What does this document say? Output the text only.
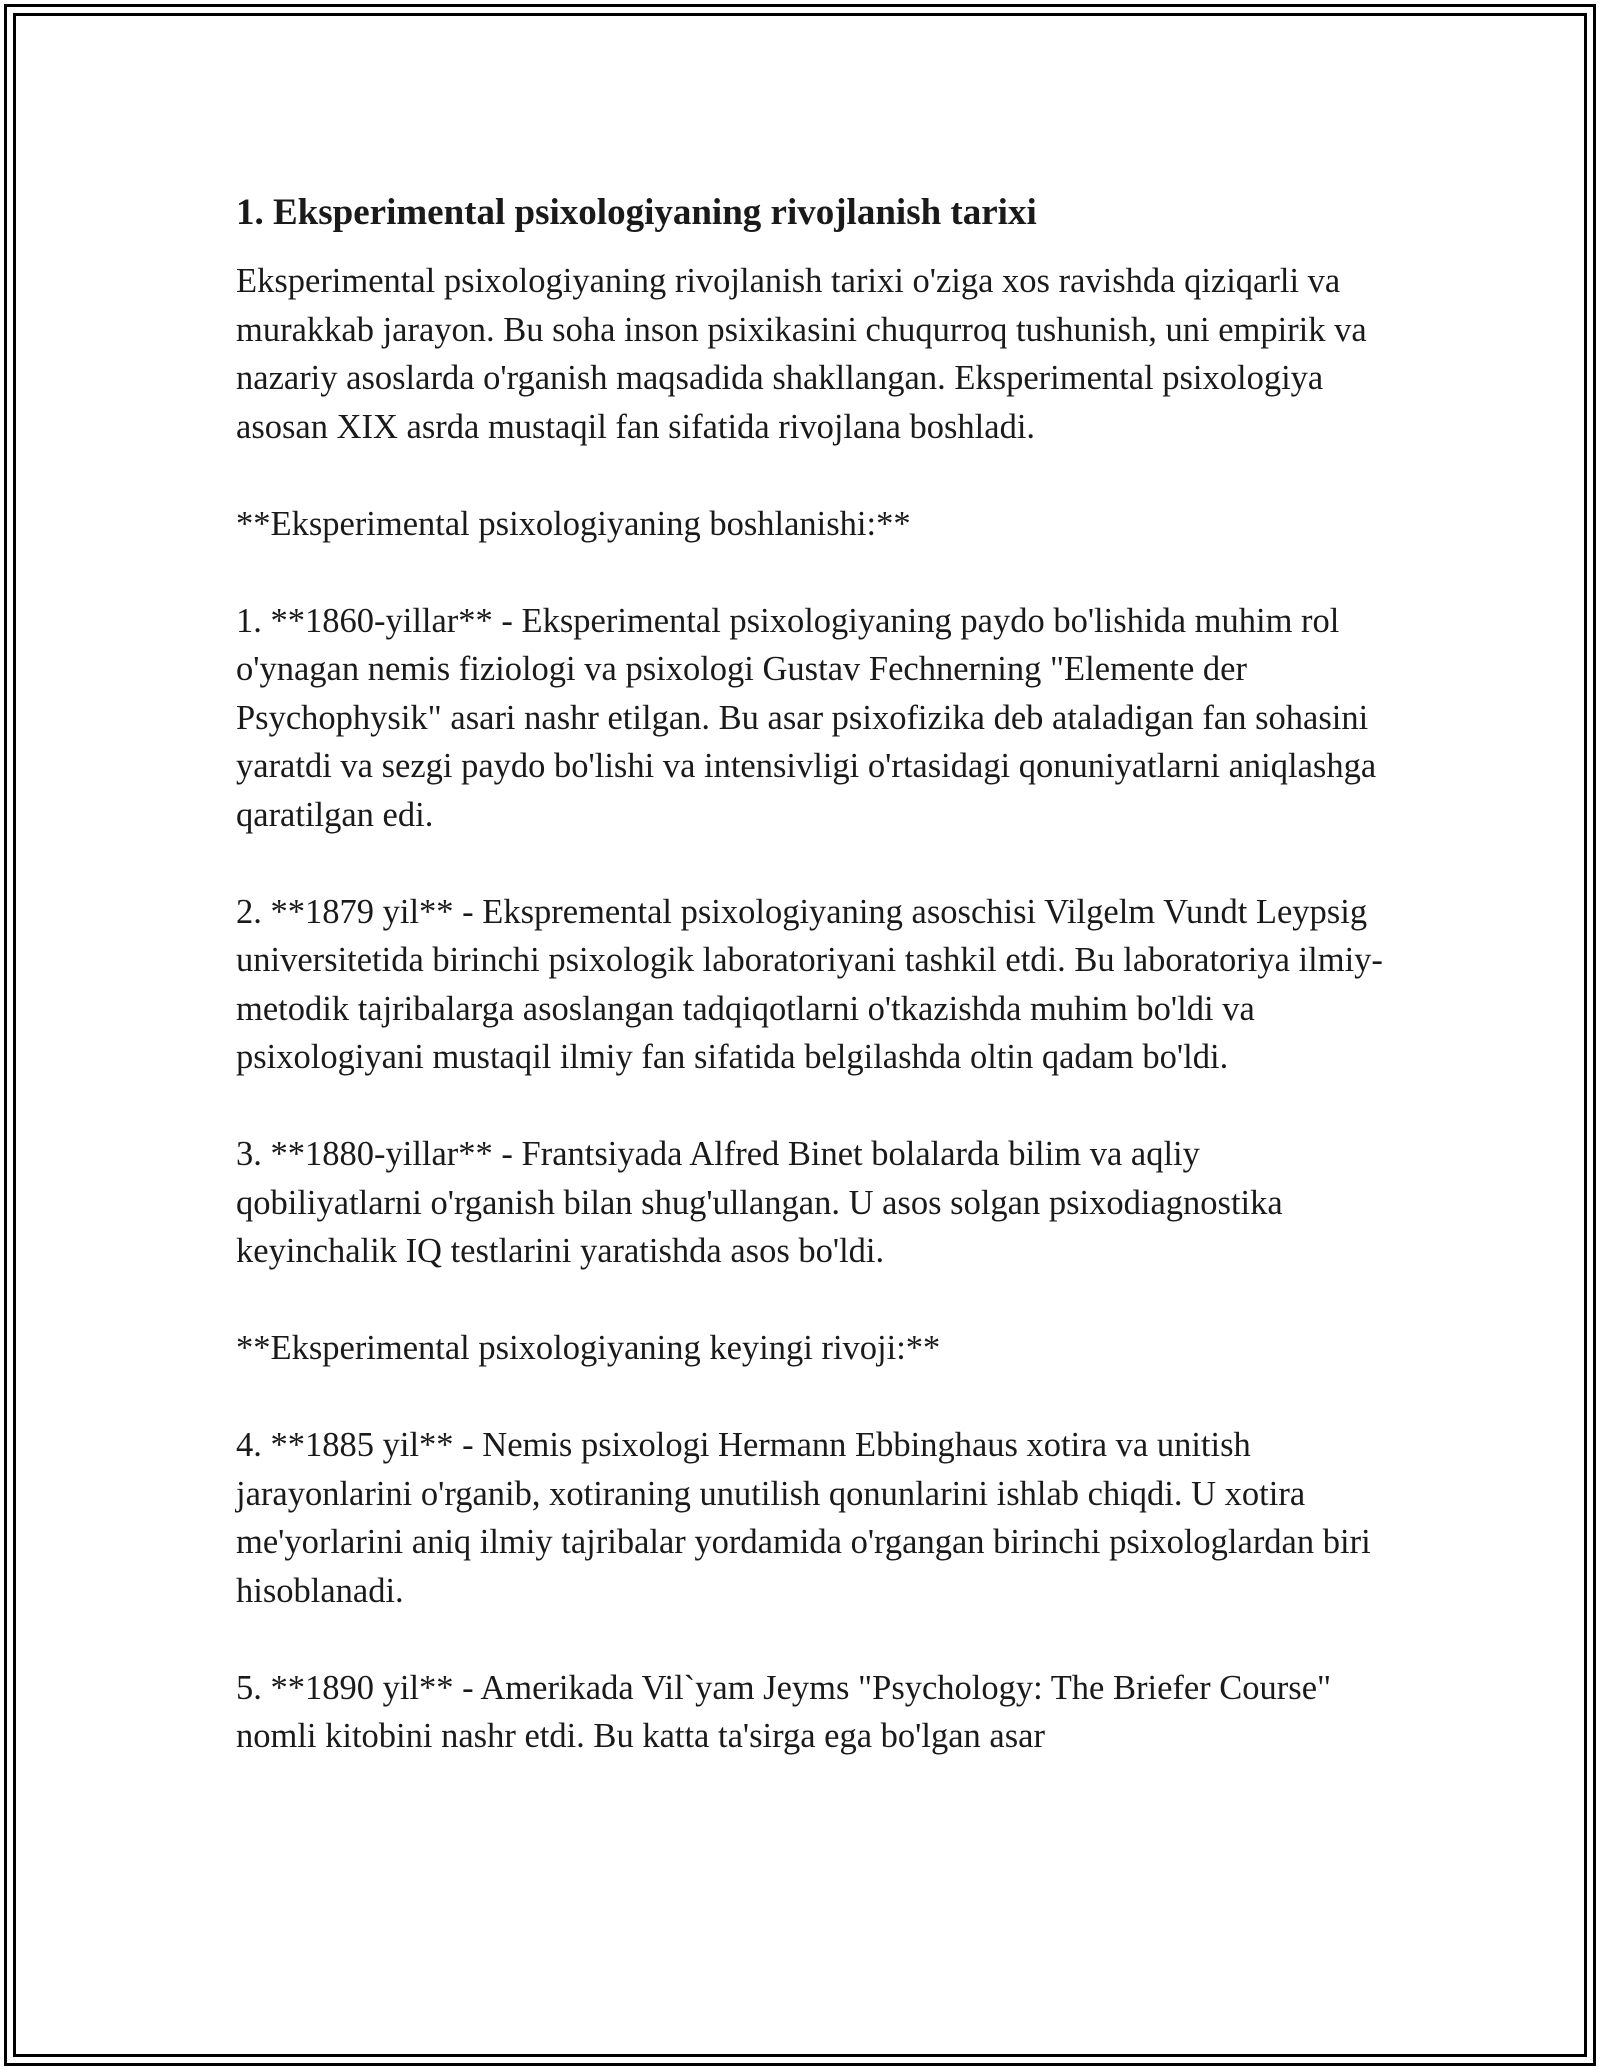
1. Eksperimental psixologiyaning rivojlanish tarixi

Eksperimental psixologiyaning rivojlanish tarixi o'ziga xos ravishda qiziqarli va murakkab jarayon. Bu soha inson psixikasini chuqurroq tushunish, uni empirik va nazariy asoslarda o'rganish maqsadida shakllangan. Eksperimental psixologiya asosan XIX asrda mustaqil fan sifatida rivojlana boshladi.

**Eksperimental psixologiyaning boshlanishi:**

1. **1860-yillar** - Eksperimental psixologiyaning paydo bo'lishida muhim rol o'ynagan nemis fiziologi va psixologi Gustav Fechnerning "Elemente der Psychophysik" asari nashr etilgan. Bu asar psixofizika deb ataladigan fan sohasini yaratdi va sezgi paydo bo'lishi va intensivligi o'rtasidagi qonuniyatlarni aniqlashga qaratilgan edi.

2. **1879 yil** - Ekspremental psixologiyaning asoschisi Vilgelm Vundt Leypsig universitetida birinchi psixologik laboratoriyani tashkil etdi. Bu laboratoriya ilmiy-metodik tajribalarga asoslangan tadqiqotlarni o'tkazishda muhim bo'ldi va psixologiyani mustaqil ilmiy fan sifatida belgilashda oltin qadam bo'ldi.

3. **1880-yillar** - Frantsiyada Alfred Binet bolalarda bilim va aqliy qobiliyatlarni o'rganish bilan shug'ullangan. U asos solgan psixodiagnostika keyinchalik IQ testlarini yaratishda asos bo'ldi.

**Eksperimental psixologiyaning keyingi rivoji:**

4. **1885 yil** - Nemis psixologi Hermann Ebbinghaus xotira va unitish jarayonlarini o'rganib, xotiraning unutilish qonunlarini ishlab chiqdi. U xotira me'yorlarini aniq ilmiy tajribalar yordamida o'rgangan birinchi psixologlardan biri hisoblanadi.

5. **1890 yil** - Amerikada Vil`yam Jeyms "Psychology: The Briefer Course" nomli kitobini nashr etdi. Bu katta ta'sirga ega bo'lgan asar
